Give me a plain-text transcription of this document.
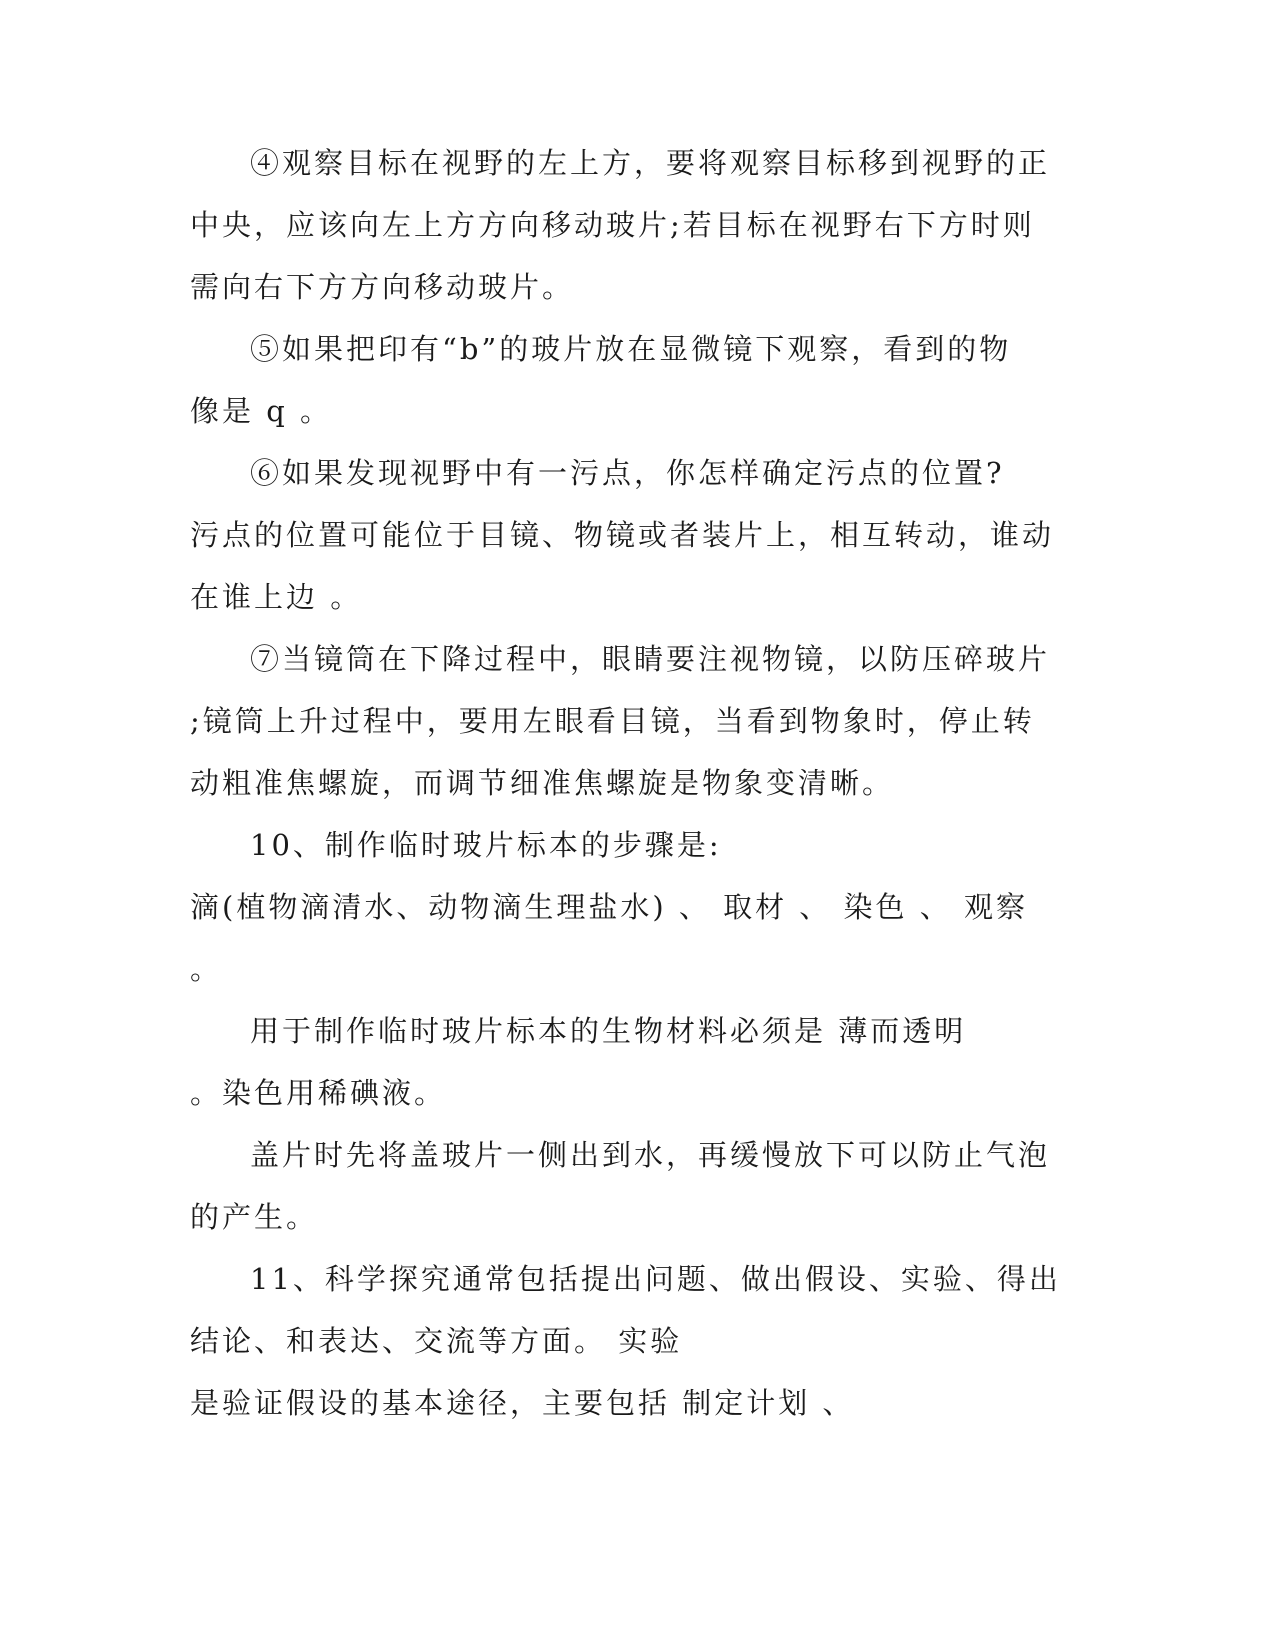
④观察目标在视野的左上方，要将观察目标移到视野的正
中央，应该向左上方方向移动玻片;若目标在视野右下方时则
需向右下方方向移动玻片。
⑤如果把印有“b”的玻片放在显微镜下观察，看到的物
像是 q 。
⑥如果发现视野中有一污点，你怎样确定污点的位置?
污点的位置可能位于目镜、物镜或者装片上，相互转动，谁动
在谁上边 。
⑦当镜筒在下降过程中，眼睛要注视物镜，以防压碎玻片
;镜筒上升过程中，要用左眼看目镜，当看到物象时，停止转
动粗准焦螺旋，而调节细准焦螺旋是物象变清晰。
10、制作临时玻片标本的步骤是:
滴(植物滴清水、动物滴生理盐水) 、 取材 、 染色 、 观察
。
用于制作临时玻片标本的生物材料必须是 薄而透明
。染色用稀碘液。
盖片时先将盖玻片一侧出到水，再缓慢放下可以防止气泡
的产生。
11、科学探究通常包括提出问题、做出假设、实验、得出
结论、和表达、交流等方面。 实验
是验证假设的基本途径，主要包括 制定计划 、
